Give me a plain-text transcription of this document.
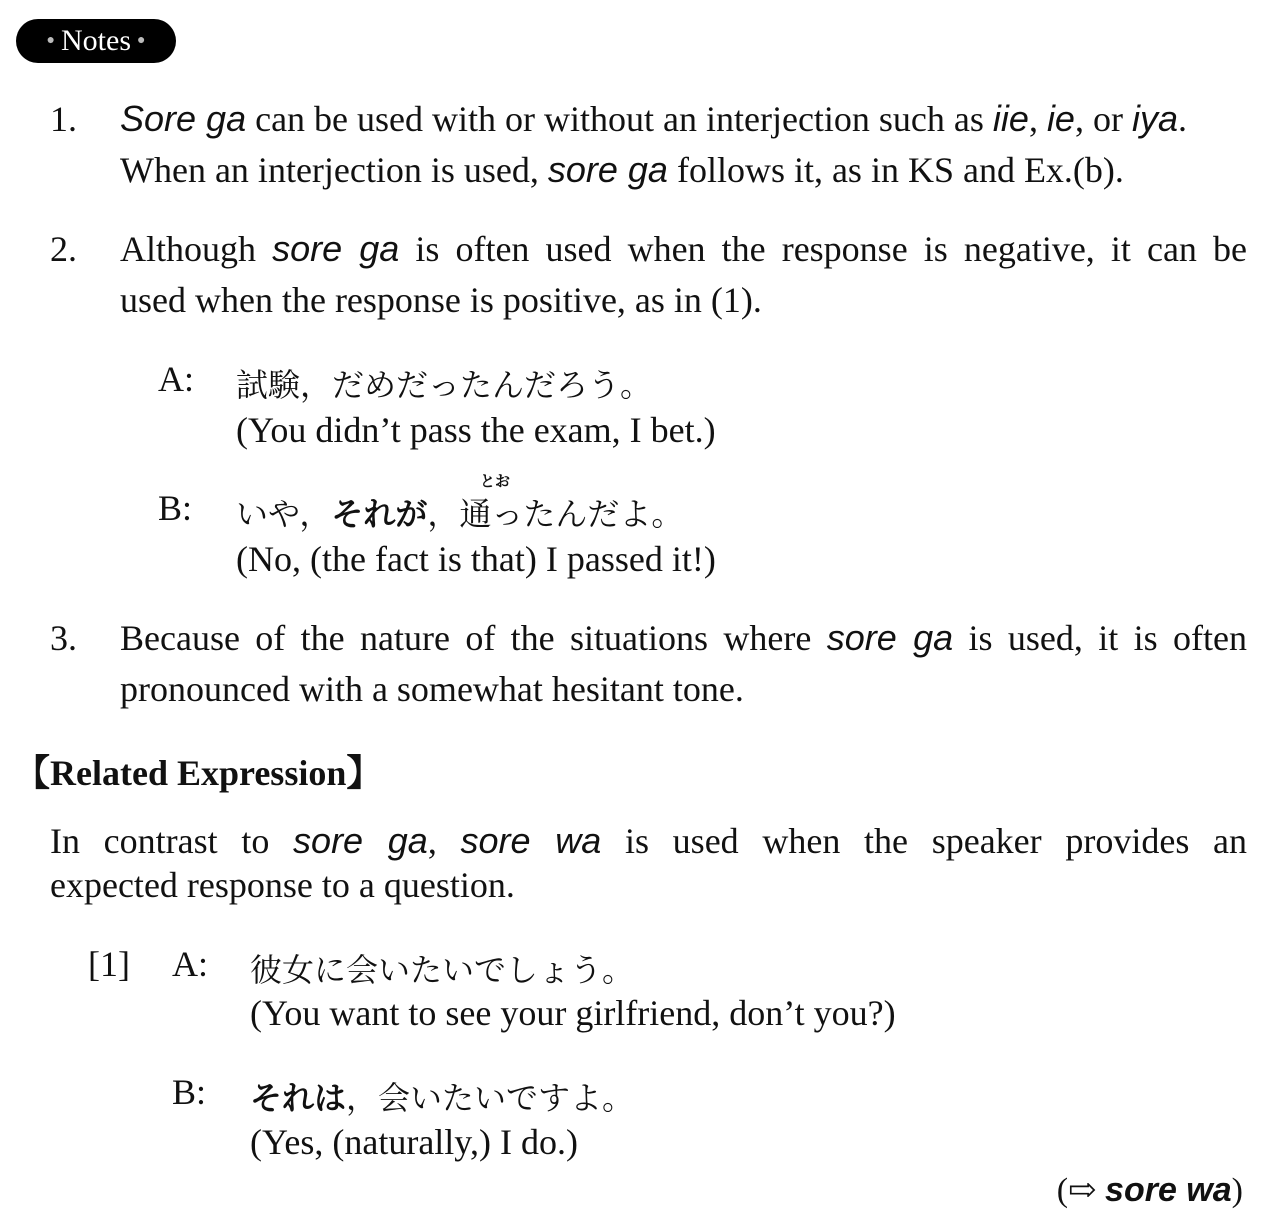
● Notes ●
1. Sore ga can be used with or without an interjection such as iie, ie, or iya.
When an interjection is used, sore ga follows it, as in KS and Ex.(b).
2. Although sore ga is often used when the response is negative, it can be
used when the response is positive, as in (1).
A: 試験，だめだったんだろう。
(You didn’t pass the exam, I bet.)
とお
B: いや，それが，通ったんだよ。
(No, (the fact is that) I passed it!)
3. Because of the nature of the situations where sore ga is used, it is often
pronounced with a somewhat hesitant tone.
【Related Expression】
In contrast to sore ga, sore wa is used when the speaker provides an
expected response to a question.
[1] A: 彼女に会いたいでしょう。
(You want to see your girlfriend, don’t you?)
B: それは，会いたいですよ。
(Yes, (naturally,) I do.)
(⇨ sore wa)
